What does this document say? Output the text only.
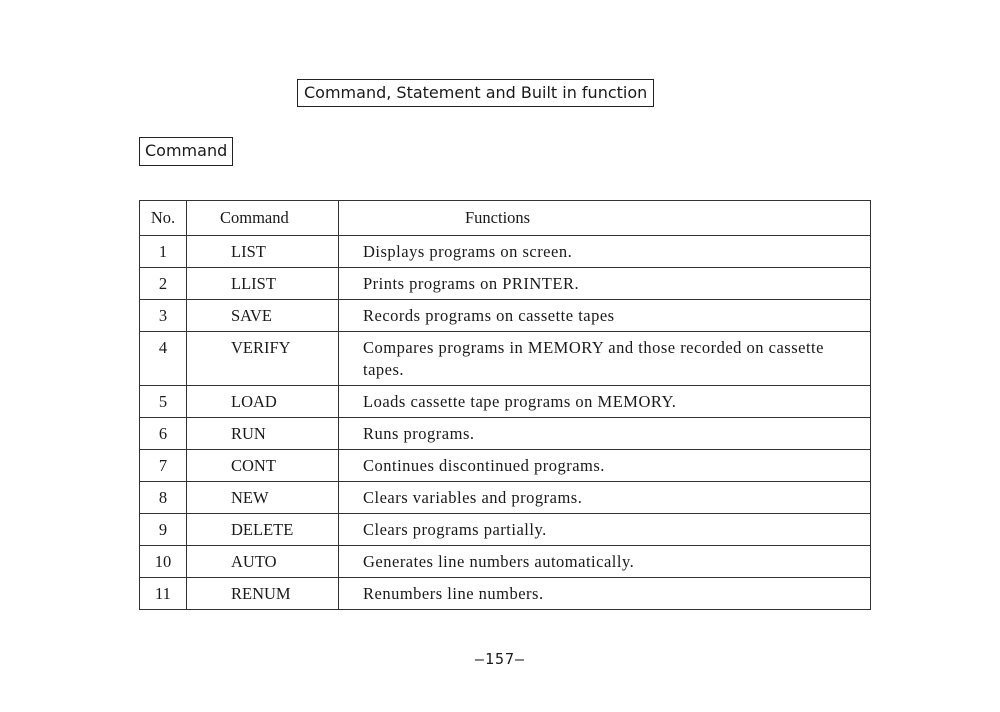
Command, Statement and Built in function
Command
No.	Command	Functions
1	LIST	Displays programs on screen.
2	LLIST	Prints programs on PRINTER.
3	SAVE	Records programs on cassette tapes
4	VERIFY	Compares programs in MEMORY and those recorded on cassette tapes.

5	LOAD	Loads cassette tape programs on MEMORY.
6	RUN	Runs programs.
7	CONT	Continues discontinued programs.
8	NEW	Clears variables and programs.
9	DELETE	Clears programs partially.
10	AUTO	Generates line numbers automatically.
11	RENUM	Renumbers line numbers.
–157–
